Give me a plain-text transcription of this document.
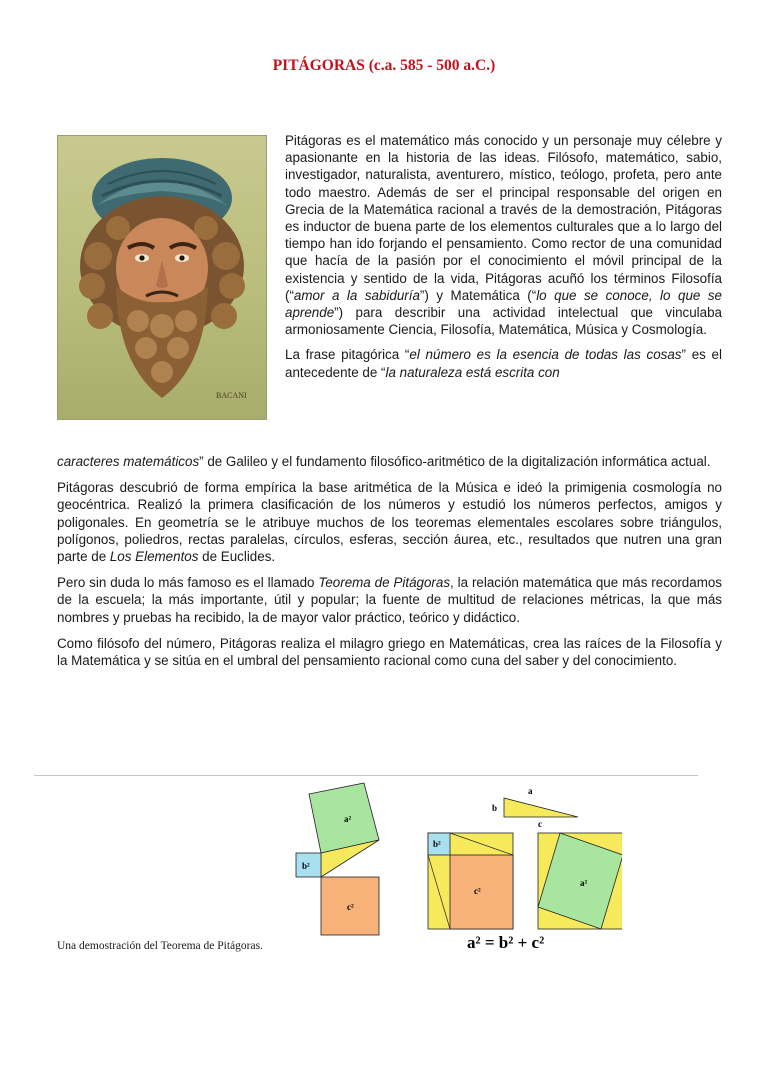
PITÁGORAS (c.a. 585 - 500 a.C.)
BACANI

Pitágoras es el matemático más conocido y un personaje muy célebre y apasionante en la historia de las ideas. Filósofo, matemático, sabio, investigador, naturalista, aventurero, místico, teólogo, profeta, pero ante todo maestro. Además de ser el principal responsable del origen en Grecia de la Matemática racional a través de la demostración, Pitágoras es inductor de buena parte de los elementos culturales que a lo largo del tiempo han ido forjando el pensamiento. Como rector de una comunidad que hacía de la pasión por el conocimiento el móvil principal de la existencia y sentido de la vida, Pitágoras acuñó los términos Filosofía (“amor a la sabiduría”) y Matemática (“lo que se conoce, lo que se aprende”) para describir una actividad intelectual que vinculaba armoniosamente Ciencia, Filosofía, Matemática, Música y Cosmología.

La frase pitagórica “el número es la esencia de todas las cosas” es el antecedente de “la naturaleza está escrita con

caracteres matemáticos” de Galileo y el fundamento filosófico-aritmético de la digitalización informática actual.

Pitágoras descubrió de forma empírica la base aritmética de la Música e ideó la primigenia cosmología no geocéntrica. Realizó la primera clasificación de los números y estudió los números perfectos, amigos y poligonales. En geometría se le atribuye muchos de los teoremas elementales escolares sobre triángulos, polígonos, poliedros, rectas paralelas, círculos, esferas, sección áurea, etc., resultados que nutren una gran parte de Los Elementos de Euclides.

Pero sin duda lo más famoso es el llamado Teorema de Pitágoras, la relación matemática que más recordamos de la escuela; la más importante, útil y popular; la fuente de multitud de relaciones métricas, la que más nombres y pruebas ha recibido, la de mayor valor práctico, teórico y didáctico.

Como filósofo del número, Pitágoras realiza el milagro griego en Matemáticas, crea las raíces de la Filosofía y la Matemática y se sitúa en el umbral del pensamiento racional como cuna del saber y del conocimiento.

a²
b²
c²
a
b
c
b²
c²
a²
a² = b² + c²
Una demostración del Teorema de Pitágoras.
